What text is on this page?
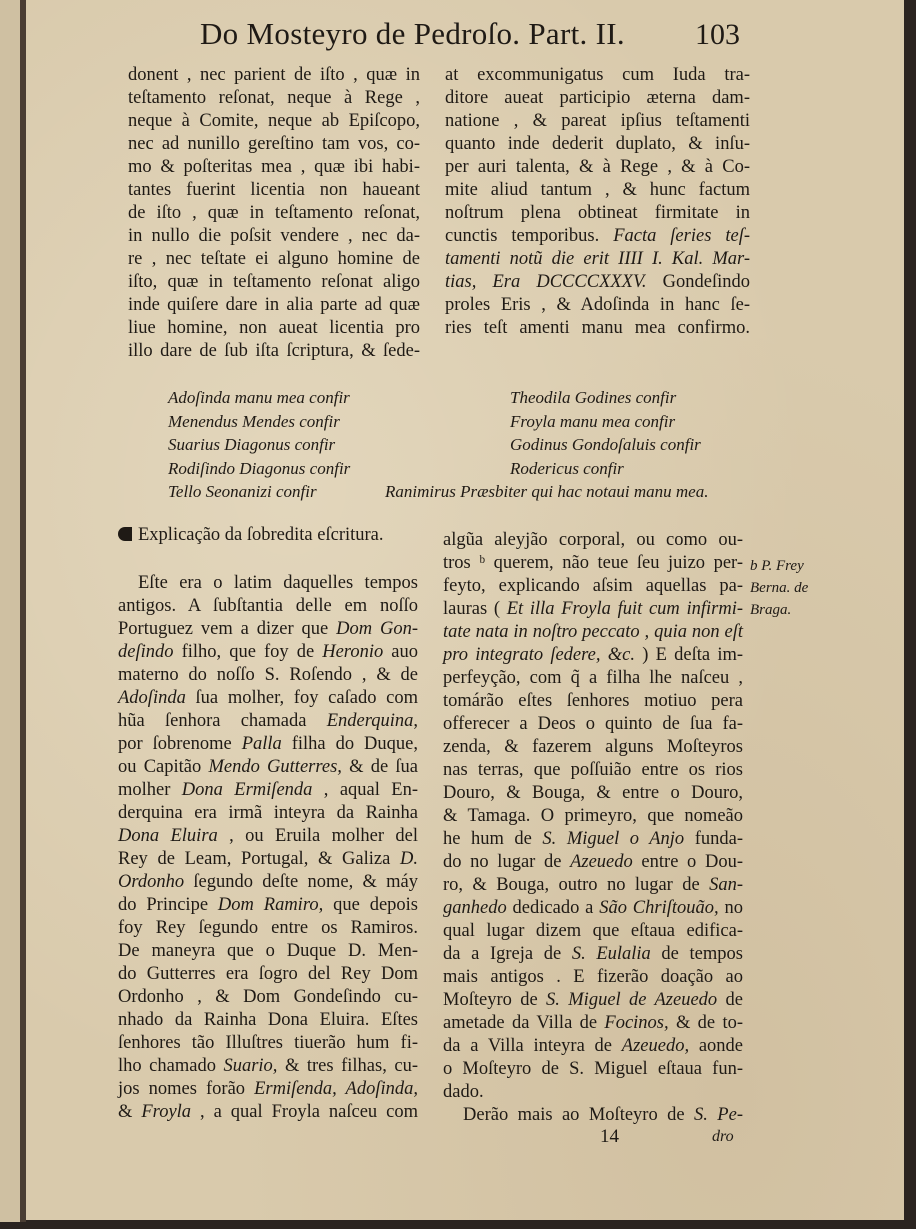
Do Mosteyro de Pedroſo. Part. II. 103
donent , nec parient de iſto , quæ in
teſtamento reſonat, neque à Rege ,
neque à Comite, neque ab Epiſcopo,
nec ad nunillo gereſtino tam vos, co-
mo & poſteritas mea , quæ ibi habi-
tantes fuerint licentia non haueant
de iſto , quæ in teſtamento reſonat,
in nullo die poſsit vendere , nec da-
re , nec teſtate ei alguno homine de
iſto, quæ in teſtamento reſonat aligo
inde quiſere dare in alia parte ad quæ
liue homine, non aueat licentia pro
illo dare de ſub iſta ſcriptura, & ſede-
at excommunigatus cum Iuda tra-
ditore aueat participio æterna dam-
natione , & pareat ipſius teſtamenti
quanto inde dederit duplato, & inſu-
per auri talenta, & à Rege , & à Co-
mite aliud tantum , & hunc factum
noſtrum plena obtineat firmitate in
cunctis temporibus. Facta ſeries teſ-
tamenti notũ die erit IIII I. Kal. Mar-
tias, Era DCCCCXXXV. Gondeſindo
proles Eris , & Adoſinda in hanc ſe-
ries teſt amenti manu mea confirmo.
Adoſinda manu mea confir
Menendus Mendes confir
Suarius Diagonus confir
Rodiſindo Diagonus confir
Tello Seonanizi confir
Theodila Godines confir
Froyla manu mea confir
Godinus Gondoſaluis confir
Rodericus confir
Ranimirus Præsbiter qui hac notaui manu mea.
Explicação da ſobredita eſcritura.
Eſte era o latim daquelles tempos
antigos. A ſubſtantia delle em noſſo
Portuguez vem a dizer que Dom Gon-
deſindo filho, que foy de Heronio auo
materno do noſſo S. Roſendo , & de
Adoſinda ſua molher, foy caſado com
hũa ſenhora chamada Enderquina,
por ſobrenome Palla filha do Duque,
ou Capitão Mendo Gutterres, & de ſua
molher Dona Ermiſenda , aqual En-
derquina era irmã inteyra da Rainha
Dona Eluira , ou Eruila molher del
Rey de Leam, Portugal, & Galiza D.
Ordonho ſegundo deſte nome, & máy
do Principe Dom Ramiro, que depois
foy Rey ſegundo entre os Ramiros.
De maneyra que o Duque D. Men-
do Gutterres era ſogro del Rey Dom
Ordonho , & Dom Gondeſindo cu-
nhado da Rainha Dona Eluira. Eſtes
ſenhores tão Illuſtres tiuerão hum fi-
lho chamado Suario, & tres filhas, cu-
jos nomes forão Ermiſenda, Adoſinda,
& Froyla , a qual Froyla naſceu com
algũa aleyjão corporal, ou como ou-
tros ᵇ querem, não teue ſeu juizo per-
feyto, explicando aſsim aquellas pa-
lauras ( Et illa Froyla fuit cum infirmi-
tate nata in noſtro peccato , quia non eſt
pro integrato ſedere, &c. ) E deſta im-
perfeyção, com q̃ a filha lhe naſceu ,
tomárão eſtes ſenhores motiuo pera
offerecer a Deos o quinto de ſua fa-
zenda, & fazerem alguns Moſteyros
nas terras, que poſſuião entre os rios
Douro, & Bouga, & entre o Douro,
& Tamaga. O primeyro, que nomeão
he hum de S. Miguel o Anjo funda-
do no lugar de Azeuedo entre o Dou-
ro, & Bouga, outro no lugar de San-
ganhedo dedicado a São Chriſtouão, no
qual lugar dizem que eſtaua edifica-
da a Igreja de S. Eulalia de tempos
mais antigos . E fizerão doação ao
Moſteyro de S. Miguel de Azeuedo de
ametade da Villa de Focinos, & de to-
da a Villa inteyra de Azeuedo, aonde
o Moſteyro de S. Miguel eſtaua fun-
dado.
Derão mais ao Moſteyro de S. Pe-
b P. Frey
Berna. de
Braga.
14	dro
